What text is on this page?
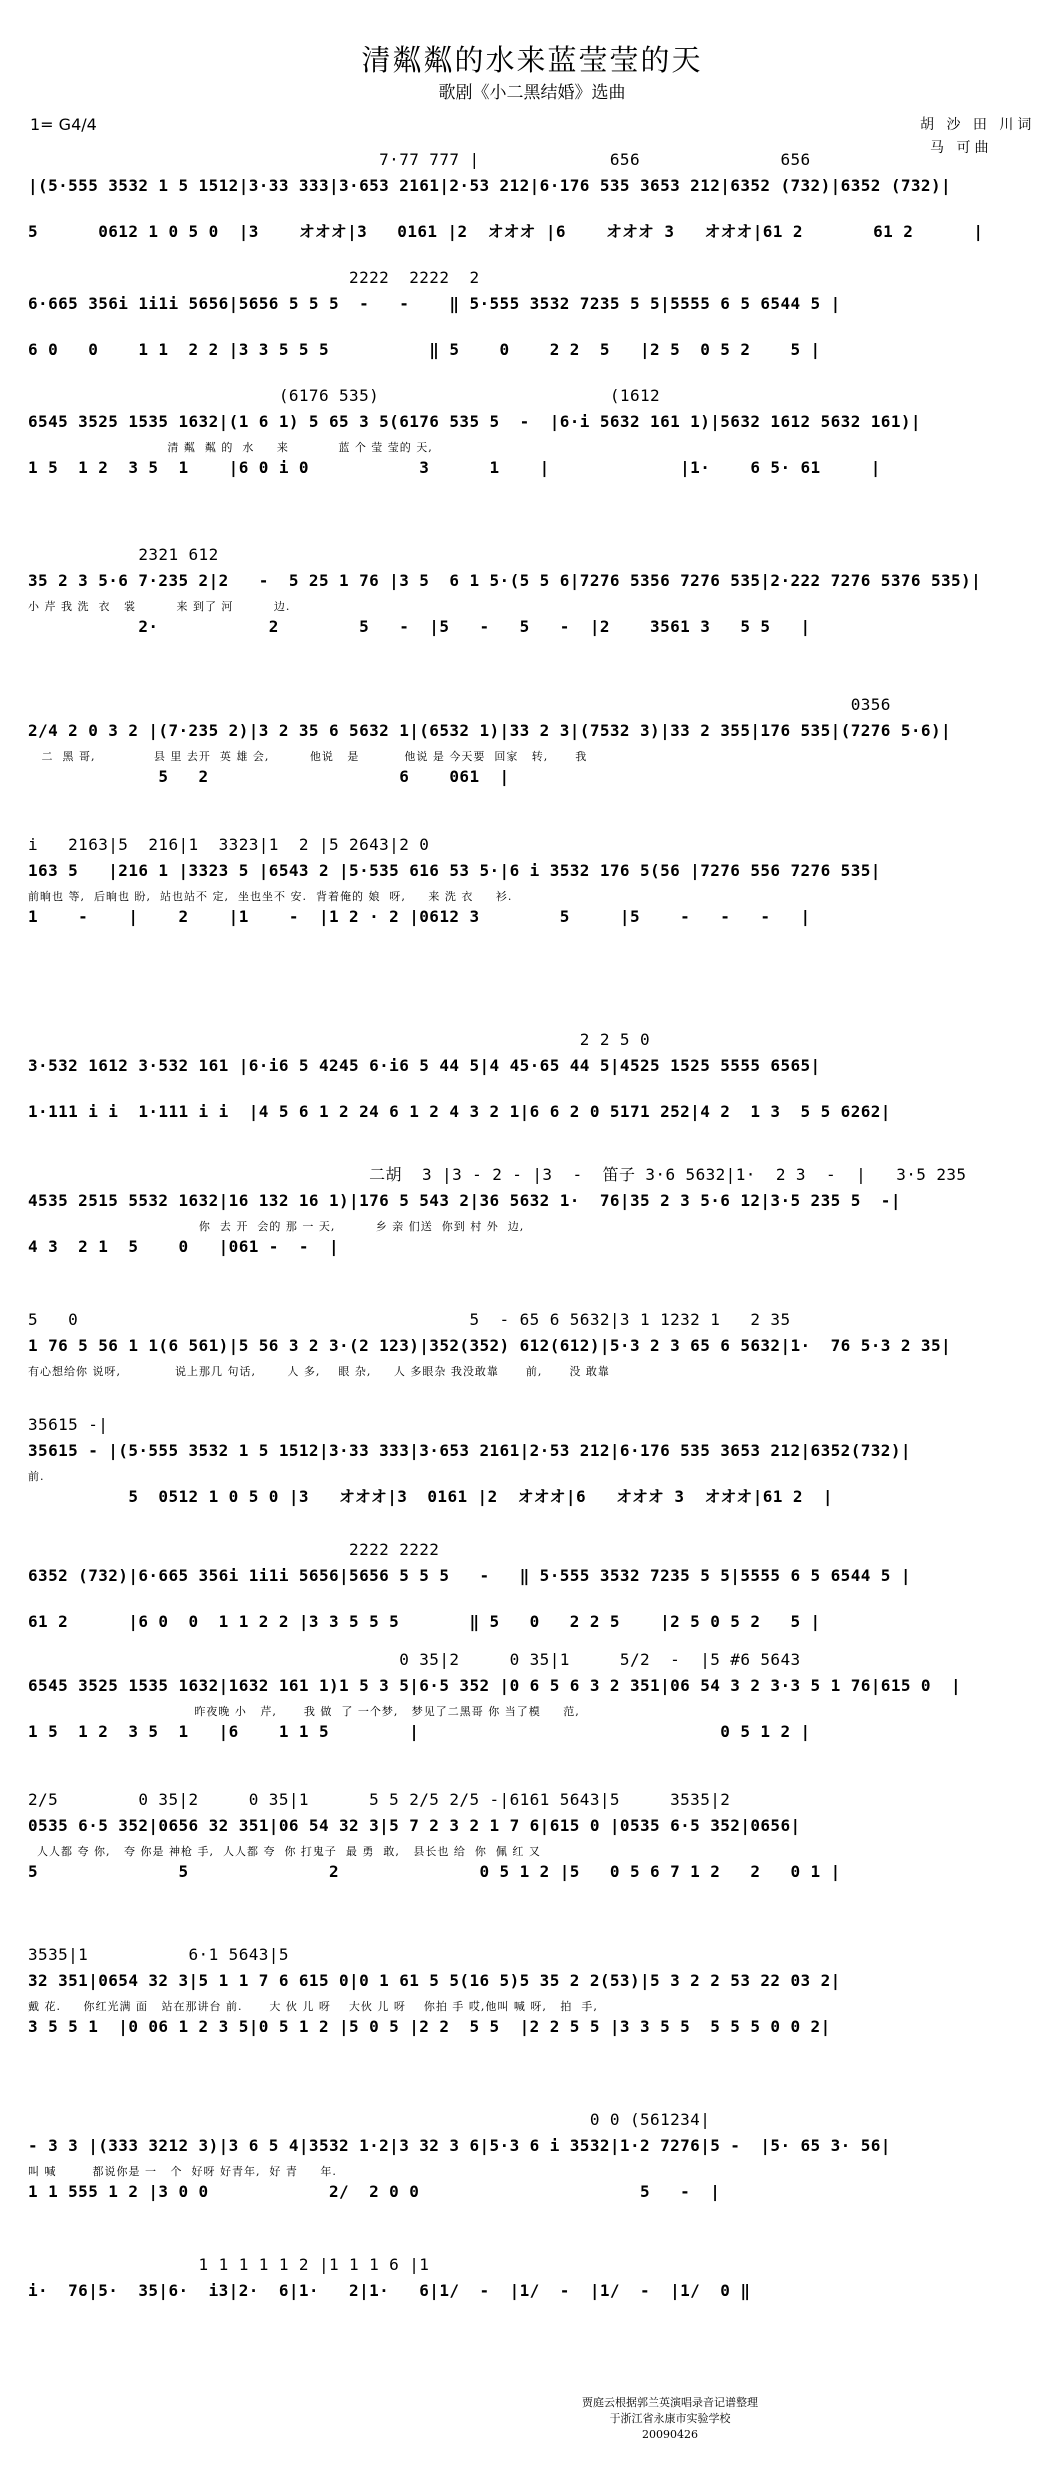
清粼粼的水来蓝莹莹的天
歌剧《小二黑结婚》选曲
1= G4/4	胡 沙 田 川词
马 可曲
7·77 777 |             656              656
|(5·555 3532 1 5 1512|3·33 333|3·653 2161|2·53 212|6·176 535 3653 212|6352 (732)|6352 (732)|
5      0612 1 0 5 0  |3    オオオ|3   0161 |2  オオオ |6    オオオ 3   オオオ|61 2       61 2      |
2222  2222  2
6·665 356i 1i1i 5656|5656 5 5 5  -   -    ‖ 5·555 3532 7235 5 5|5555 6 5 6544 5 |
6 0   0    1 1  2 2 |3 3 5 5 5          ‖ 5    0    2 2  5   |2 5  0 5 2    5 |
(6176 535)                       (1612
6545 3525 1535 1632|(1 6 1) 5 65 3 5(6176 535 5  -  |6·i 5632 161 1)|5632 1612 5632 161)|
清 粼  粼 的  水     来           蓝 个 莹 莹的 天,
1 5  1 2  3 5  1    |6 0 i 0           3      1    |             |1·    6 5· 61     |
2321 612
35 2 3 5·6 7·235 2|2   -  5 25 1 76 |3 5  6 1 5·(5 5 6|7276 5356 7276 535|2·222 7276 5376 535)|
小 芹 我 洗  衣   裳         来 到了 河         边.
2·           2        5   -  |5   -   5   -  |2    3561 3   5 5   |
0356
2/4 2 0 3 2 |(7·235 2)|3 2 35 6 5632 1|(6532 1)|33 2 3|(7532 3)|33 2 355|176 535|(7276 5·6)|
二  黑 哥,             县 里 去开  英 雄 会,         他说   是          他说 是 今天要  回家   转,      我
5   2                   6    061  |
i   2163|5  216|1  3323|1  2 |5 2643|2 0
163 5   |216 1 |3323 5 |6543 2 |5·535 616 53 5·|6 i 3532 176 5(56 |7276 556 7276 535|
前晌也 等,  后晌也 盼,  站也站不 定,  坐也坐不 安.  背着俺的 娘  呀,     来 洗 衣     衫.
1    -    |    2    |1    -  |1 2 · 2 |0612 3        5     |5    -   -   -   |
2 2 5 0
3·532 1612 3·532 161 |6·i6 5 4245 6·i6 5 44 5|4 45·65 44 5|4525 1525 5555 6565|
1·111 i i  1·111 i i  |4 5 6 1 2 24 6 1 2 4 3 2 1|6 6 2 0 5171 252|4 2  1 3  5 5 6262|
二胡  3 |3 - 2 - |3  -  笛子 3·6 5632|1·  2 3  -  |   3·5 235
4535 2515 5532 1632|16 132 16 1)|176 5 543 2|36 5632 1·  76|35 2 3 5·6 12|3·5 235 5  -|
你  去 开  会的 那 一 天,         乡 亲 们送  你到 村 外  边,
4 3  2 1  5    0   |061 -  -  |
5   0                                       5  - 65 6 5632|3 1 1232 1   2 35
1 76 5 56 1 1(6 561)|5 56 3 2 3·(2 123)|352(352) 612(612)|5·3 2 3 65 6 5632|1·  76 5·3 2 35|
有心想给你 说呀,            说上那几 句话,       人 多,    眼 杂,     人 多眼杂 我没敢靠      前,      没 敢靠
35615 -|
35615 - |(5·555 3532 1 5 1512|3·33 333|3·653 2161|2·53 212|6·176 535 3653 212|6352(732)|
前.
5  0512 1 0 5 0 |3   オオオ|3  0161 |2  オオオ|6   オオオ 3  オオオ|61 2  |
2222 2222
6352 (732)|6·665 356i 1i1i 5656|5656 5 5 5   -   ‖ 5·555 3532 7235 5 5|5555 6 5 6544 5 |
61 2      |6 0  0  1 1 2 2 |3 3 5 5 5       ‖ 5   0   2 2 5    |2 5 0 5 2   5 |
0 35|2     0 35|1     5/2  -  |5 #6 5643
6545 3525 1535 1632|1632 161 1)1 5 3 5|6·5 352 |0 6 5 6 3 2 351|06 54 3 2 3·3 5 1 76|615 0  |
昨夜晚 小   芹,      我 做  了 一个梦,   梦见了二黑哥 你 当了模     范,
1 5  1 2  3 5  1   |6    1 1 5        |                              0 5 1 2 |
2/5        0 35|2     0 35|1      5 5 2/5 2/5 -|6161 5643|5     3535|2
0535 6·5 352|0656 32 351|06 54 32 3|5 7 2 3 2 1 7 6|615 0 |0535 6·5 352|0656|
人人都 夸 你,   夸 你是 神枪 手,  人人都 夸  你 打鬼子  最 勇  敢,   县长也 给  你  佩 红 又
5              5              2              0 5 1 2 |5   0 5 6 7 1 2   2   0 1 |
3535|1          6·1 5643|5
32 351|0654 32 3|5 1 1 7 6 615 0|0 1 61 5 5(16 5)5 35 2 2(53)|5 3 2 2 53 22 03 2|
戴 花.     你红光满 面   站在那讲台 前.      大 伙 儿 呀    大伙 儿 呀    你拍 手 哎,他叫 喊 呀,   拍  手,
3 5 5 1  |0 06 1 2 3 5|0 5 1 2 |5 0 5 |2 2  5 5  |2 2 5 5 |3 3 5 5  5 5 5 0 0 2|
0 0 (561234|
- 3 3 |(333 3212 3)|3 6 5 4|3532 1·2|3 32 3 6|5·3 6 i 3532|1·2 7276|5 -  |5· 65 3· 56|
叫 喊        都说你是 一   个  好呀 好青年,  好 青     年.
1 1 555 1 2 |3 0 0            2/  2 0 0                      5   -  |
1 1 1 1 1 2 |1 1 1 6 |1
i·  76|5·  35|6·  i3|2·  6|1·   2|1·   6|1/  -  |1/  -  |1/  -  |1/  0 ‖
贾庭云根据郭兰英演唱录音记谱整理
于浙江省永康市实验学校
20090426
